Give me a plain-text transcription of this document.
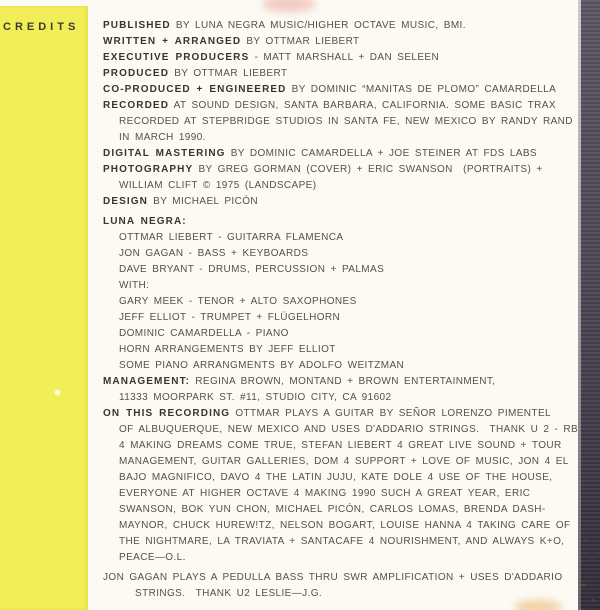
CREDITS PUBLISHED BY LUNA NEGRA MUSIC/HIGHER OCTAVE MUSIC, BMI.
WRITTEN + ARRANGED BY OTTMAR LIEBERT
EXECUTIVE PRODUCERS - MATT MARSHALL + DAN SELEEN
PRODUCED BY OTTMAR LIEBERT
CO-PRODUCED + ENGINEERED BY DOMINIC “MANITAS DE PLOMO” CAMARDELLA
RECORDED AT SOUND DESIGN, SANTA BARBARA, CALIFORNIA. SOME BASIC TRAX
RECORDED AT STEPBRIDGE STUDIOS IN SANTA FE, NEW MEXICO BY RANDY RAND
IN MARCH 1990.
DIGITAL MASTERING BY DOMINIC CAMARDELLA + JOE STEINER AT FDS LABS
PHOTOGRAPHY BY GREG GORMAN (COVER) + ERIC SWANSON  (PORTRAITS) +
WILLIAM CLIFT © 1975 (LANDSCAPE)
DESIGN BY MICHAEL PICÓN
LUNA NEGRA:
OTTMAR LIEBERT - GUITARRA FLAMENCA
JON GAGAN - BASS + KEYBOARDS
DAVE BRYANT - DRUMS, PERCUSSION + PALMAS
WITH:
GARY MEEK - TENOR + ALTO SAXOPHONES
JEFF ELLIOT - TRUMPET + FLÜGELHORN
DOMINIC CAMARDELLA - PIANO
HORN ARRANGEMENTS BY JEFF ELLIOT
SOME PIANO ARRANGMENTS BY ADOLFO WEITZMAN
MANAGEMENT: REGINA BROWN, MONTAND + BROWN ENTERTAINMENT,
11333 MOORPARK ST. #11, STUDIO CITY, CA 91602
ON THIS RECORDING OTTMAR PLAYS A GUITAR BY SEÑOR LORENZO PIMENTEL
OF ALBUQUERQUE, NEW MEXICO AND USES D'ADDARIO STRINGS.  THANK U 2 - RB
4 MAKING DREAMS COME TRUE, STEFAN LIEBERT 4 GREAT LIVE SOUND + TOUR
MANAGEMENT, GUITAR GALLERIES, DOM 4 SUPPORT + LOVE OF MUSIC, JON 4 EL
BAJO MAGNIFICO, DAVO 4 THE LATIN JUJU, KATE DOLE 4 USE OF THE HOUSE,
EVERYONE AT HIGHER OCTAVE 4 MAKING 1990 SUCH A GREAT YEAR, ERIC
SWANSON, BOK YUN CHON, MICHAEL PICÓN, CARLOS LOMAS, BRENDA DASH-
MAYNOR, CHUCK HUREW!TZ, NELSON BOGART, LOUISE HANNA 4 TAKING CARE OF
THE NIGHTMARE, LA TRAVIATA + SANTACAFE 4 NOURISHMENT, AND ALWAYS K+O,
PEACE—O.L.
JON GAGAN PLAYS A PEDULLA BASS THRU SWR AMPLIFICATION + USES D'ADDARIO
STRINGS.  THANK U2 LESLIE—J.G.
